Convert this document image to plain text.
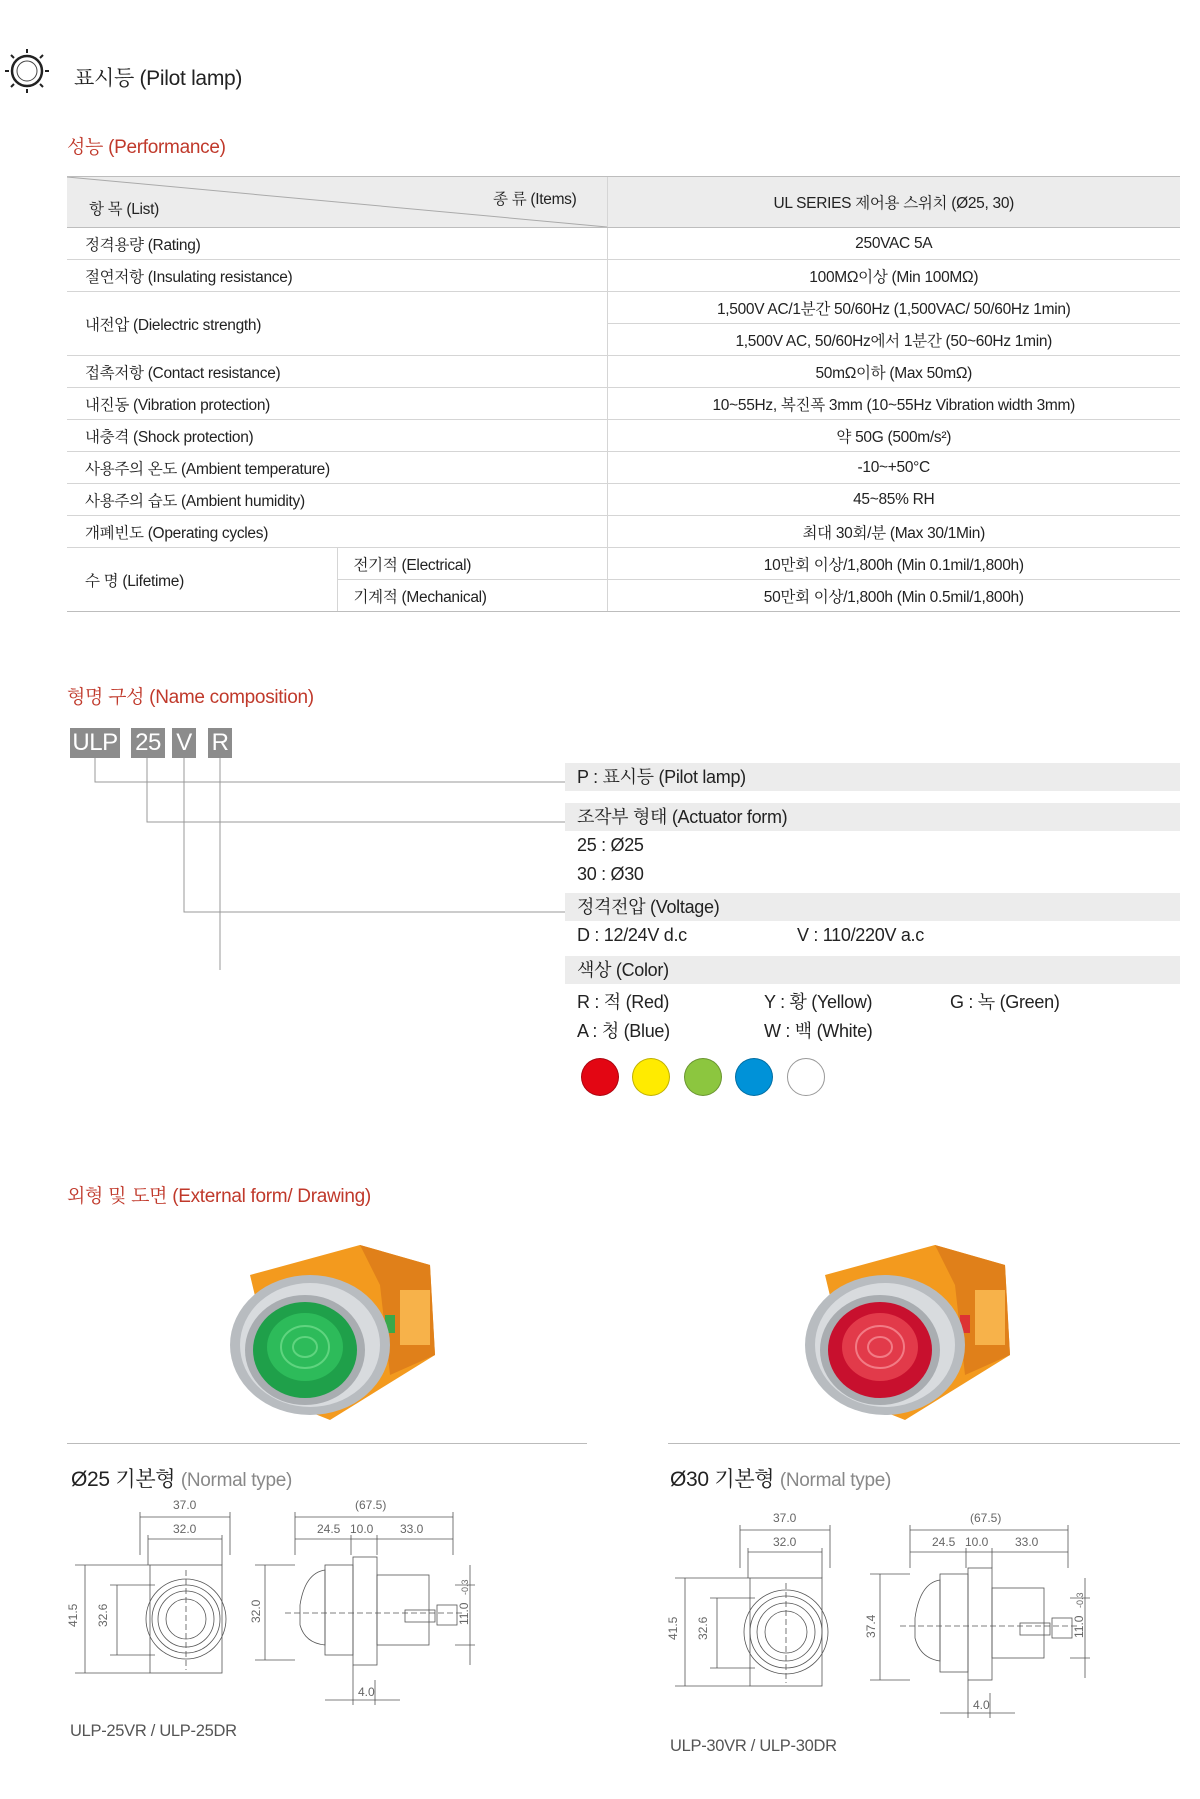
표시등 (Pilot lamp)
성능 (Performance)
종 류 (Items)
항 목 (List)		UL SERIES 제어용 스위치 (Ø25, 30)
정격용량 (Rating)		250VAC 5A
절연저항 (Insulating resistance)		100MΩ이상 (Min 100MΩ)
내전압 (Dielectric strength)		1,500V AC/1분간 50/60Hz (1,500VAC/ 50/60Hz 1min)
		1,500V AC, 50/60Hz에서 1분간 (50~60Hz 1min)
접촉저항 (Contact resistance)		50mΩ이하 (Max 50mΩ)
내진동 (Vibration protection)		10~55Hz, 복진폭 3mm (10~55Hz Vibration width 3mm)
내충격 (Shock protection)		약 50G (500m/s²)
사용주의 온도 (Ambient temperature)		-10~+50°C
사용주의 습도 (Ambient humidity)		45~85% RH
개폐빈도 (Operating cycles)		최대 30회/분 (Max 30/1Min)
수 명 (Lifetime)	전기적 (Electrical)	10만회 이상/1,800h (Min 0.1mil/1,800h)
	기계적 (Mechanical)	50만회 이상/1,800h (Min 0.5mil/1,800h)
형명 구성 (Name composition)
ULP 25 V R
P : 표시등 (Pilot lamp)
조작부 형태 (Actuator form)
25 : Ø25
30 : Ø30
정격전압 (Voltage)
D : 12/24V d.c	V : 110/220V a.c
색상 (Color)
R : 적 (Red)	Y : 황 (Yellow)	G : 녹 (Green)
A : 청 (Blue)	W : 백 (White)
외형 및 도면 (External form/ Drawing)
Ø25 기본형 (Normal type)
37.0
32.0
41.5 32.6
(67.5)
24.5 10.0 33.0
32.0	11.0
-0.3
4.0
ULP-25VR / ULP-25DR
Ø30 기본형 (Normal type)
37.0
32.0
41.5 32.6
(67.5)
24.5 10.0 33.0
37.4	11.0
-0.3
4.0
ULP-30VR / ULP-30DR
